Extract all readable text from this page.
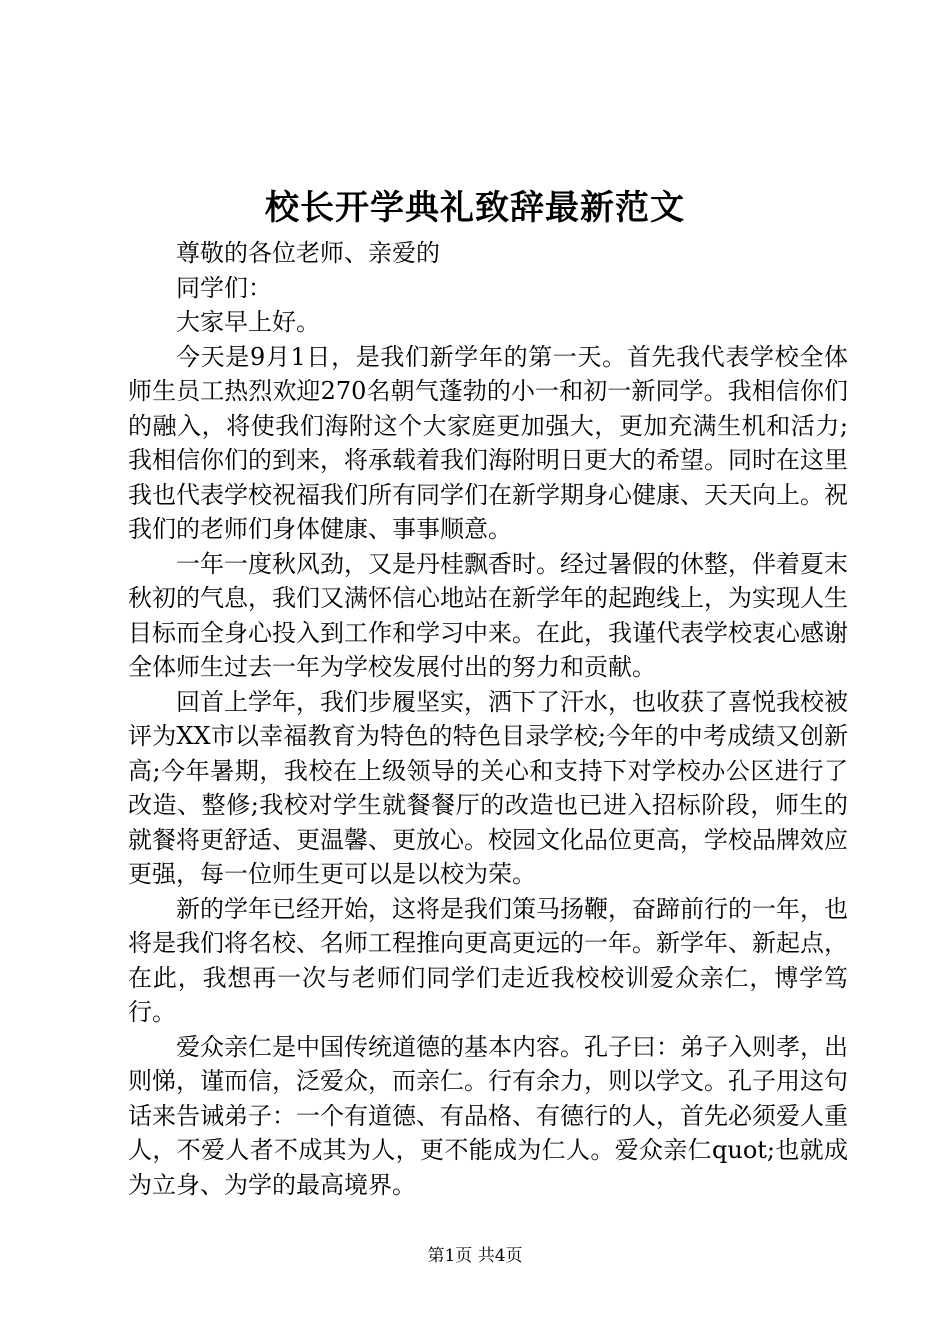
校长开学典礼致辞最新范文

尊敬的各位老师、亲爱的

同学们：

大家早上好。

今天是9月1日，是我们新学年的第一天。首先我代表学校全体师生员工热烈欢迎270名朝气蓬勃的小一和初一新同学。我相信你们的融入，将使我们海附这个大家庭更加强大，更加充满生机和活力;我相信你们的到来，将承载着我们海附明日更大的希望。同时在这里我也代表学校祝福我们所有同学们在新学期身心健康、天天向上。祝我们的老师们身体健康、事事顺意。

一年一度秋风劲，又是丹桂飘香时。经过暑假的休整，伴着夏末秋初的气息，我们又满怀信心地站在新学年的起跑线上，为实现人生目标而全身心投入到工作和学习中来。在此，我谨代表学校衷心感谢全体师生过去一年为学校发展付出的努力和贡献。

回首上学年，我们步履坚实，洒下了汗水，也收获了喜悦我校被评为XX市以幸福教育为特色的特色目录学校;今年的中考成绩又创新高;今年暑期，我校在上级领导的关心和支持下对学校办公区进行了改造、整修;我校对学生就餐餐厅的改造也已进入招标阶段，师生的就餐将更舒适、更温馨、更放心。校园文化品位更高，学校品牌效应更强，每一位师生更可以是以校为荣。

新的学年已经开始，这将是我们策马扬鞭，奋蹄前行的一年，也将是我们将名校、名师工程推向更高更远的一年。新学年、新起点，在此，我想再一次与老师们同学们走近我校校训爱众亲仁，博学笃行。

爱众亲仁是中国传统道德的基本内容。孔子曰：弟子入则孝，出则悌，谨而信，泛爱众，而亲仁。行有余力，则以学文。孔子用这句话来告诫弟子：一个有道德、有品格、有德行的人，首先必须爱人重人，不爱人者不成其为人，更不能成为仁人。爱众亲仁quot;也就成为立身、为学的最高境界。

第1页 共4页
